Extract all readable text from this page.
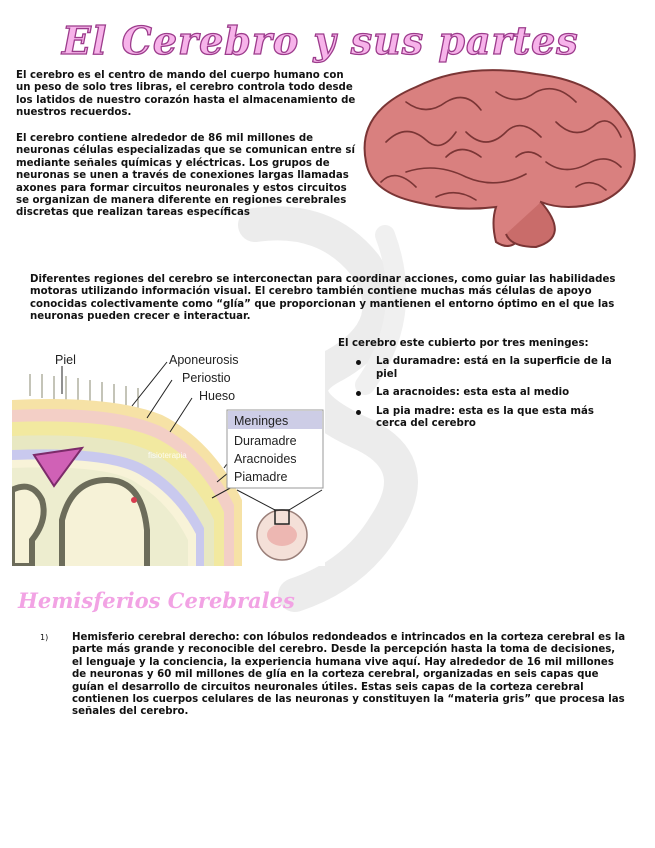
El Cerebro y sus partes

El cerebro es el centro de mando del cuerpo humano con un peso de solo tres libras, el cerebro controla todo desde los latidos de nuestro corazón hasta el almacenamiento de nuestros recuerdos.

El cerebro contiene alrededor de 86 mil millones de neuronas células especializadas que se comunican entre sí mediante señales químicas y eléctricas. Los grupos de neuronas se unen a través de conexiones largas llamadas axones para formar circuitos neuronales y estos circuitos se organizan de manera diferente en regiones cerebrales discretas que realizan tareas específicas

Diferentes regiones del cerebro se interconectan para coordinar acciones, como guiar las habilidades motoras utilizando información visual. El cerebro también contiene muchas más células de apoyo conocidas colectivamente como “glía” que proporcionan y mantienen el entorno óptimo en el que las neuronas pueden crecer e interactuar.

Piel	Aponeurosis
Periostio
Hueso
Meninges
Duramadre
Aracnoides
Piamadre
fisioterapia

El cerebro este cubierto por tres meninges:

La duramadre: está en la superficie de la piel
La aracnoides: esta esta al medio
La pia madre: esta es la que esta más cerca del cerebro
Hemisferios Cerebrales
1) Hemisferio cerebral derecho: con lóbulos redondeados e intrincados en la corteza cerebral es la parte más grande y reconocible del cerebro. Desde la percepción hasta la toma de decisiones, el lenguaje y la conciencia, la experiencia humana vive aquí. Hay alrededor de 16 mil millones de neuronas y 60 mil millones de glía en la corteza cerebral, organizadas en seis capas que guían el desarrollo de circuitos neuronales útiles. Estas seis capas de la corteza cerebral contienen los cuerpos celulares de las neuronas y constituyen la “materia gris” que procesa las señales del cerebro.
